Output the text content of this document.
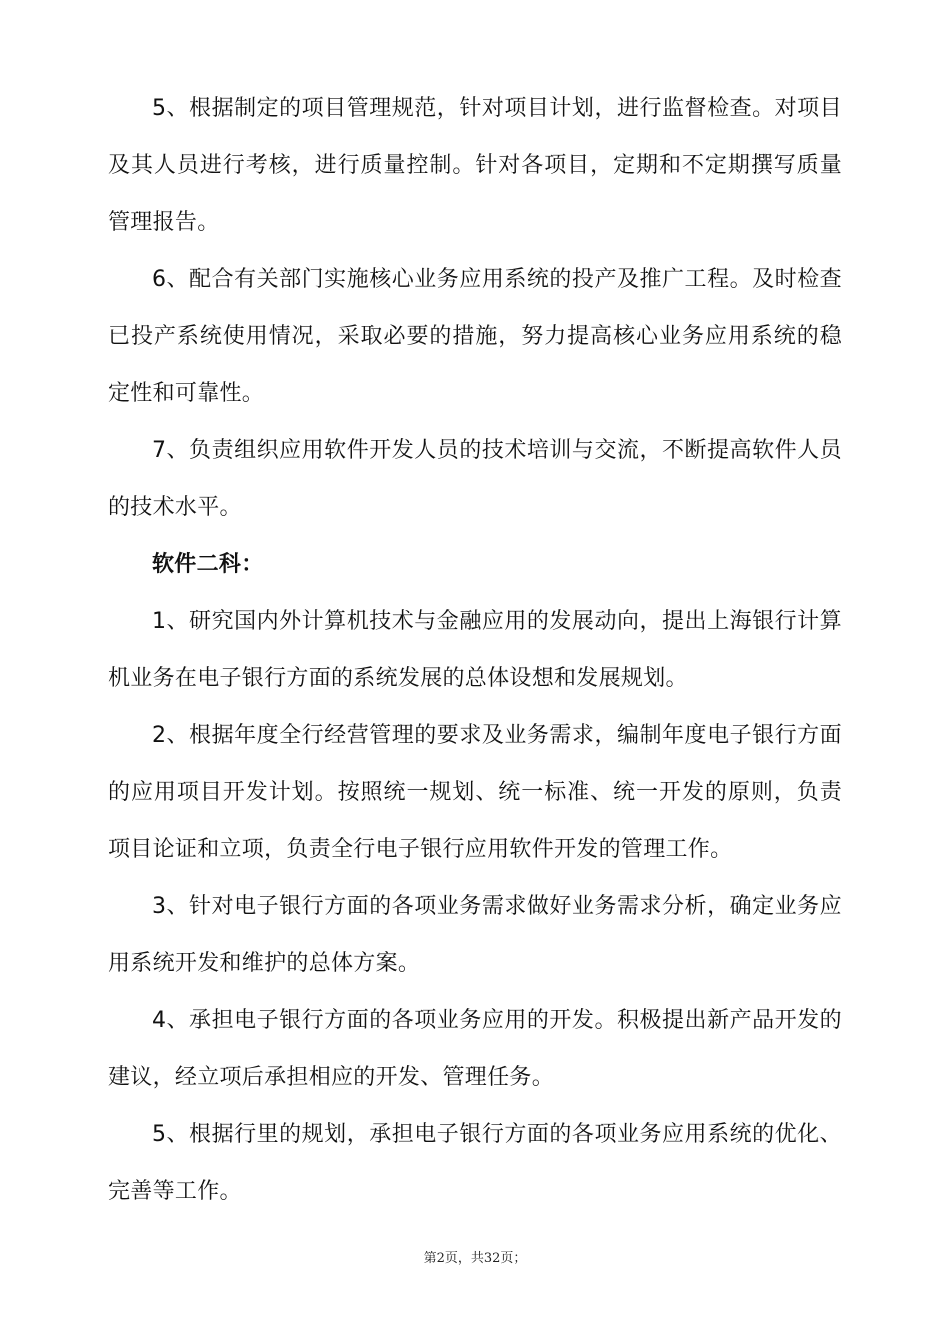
5、根据制定的项目管理规范，针对项目计划，进行监督检查。对项目及其人员进行考核，进行质量控制。针对各项目，定期和不定期撰写质量管理报告。

6、配合有关部门实施核心业务应用系统的投产及推广工程。及时检查已投产系统使用情况，采取必要的措施，努力提高核心业务应用系统的稳定性和可靠性。

7、负责组织应用软件开发人员的技术培训与交流，不断提高软件人员的技术水平。

软件二科：

1、研究国内外计算机技术与金融应用的发展动向，提出上海银行计算机业务在电子银行方面的系统发展的总体设想和发展规划。

2、根据年度全行经营管理的要求及业务需求，编制年度电子银行方面的应用项目开发计划。按照统一规划、统一标准、统一开发的原则，负责项目论证和立项，负责全行电子银行应用软件开发的管理工作。

3、针对电子银行方面的各项业务需求做好业务需求分析，确定业务应用系统开发和维护的总体方案。

4、承担电子银行方面的各项业务应用的开发。积极提出新产品开发的建议，经立项后承担相应的开发、管理任务。

5、根据行里的规划，承担电子银行方面的各项业务应用系统的优化、完善等工作。

第2页，共32页；
